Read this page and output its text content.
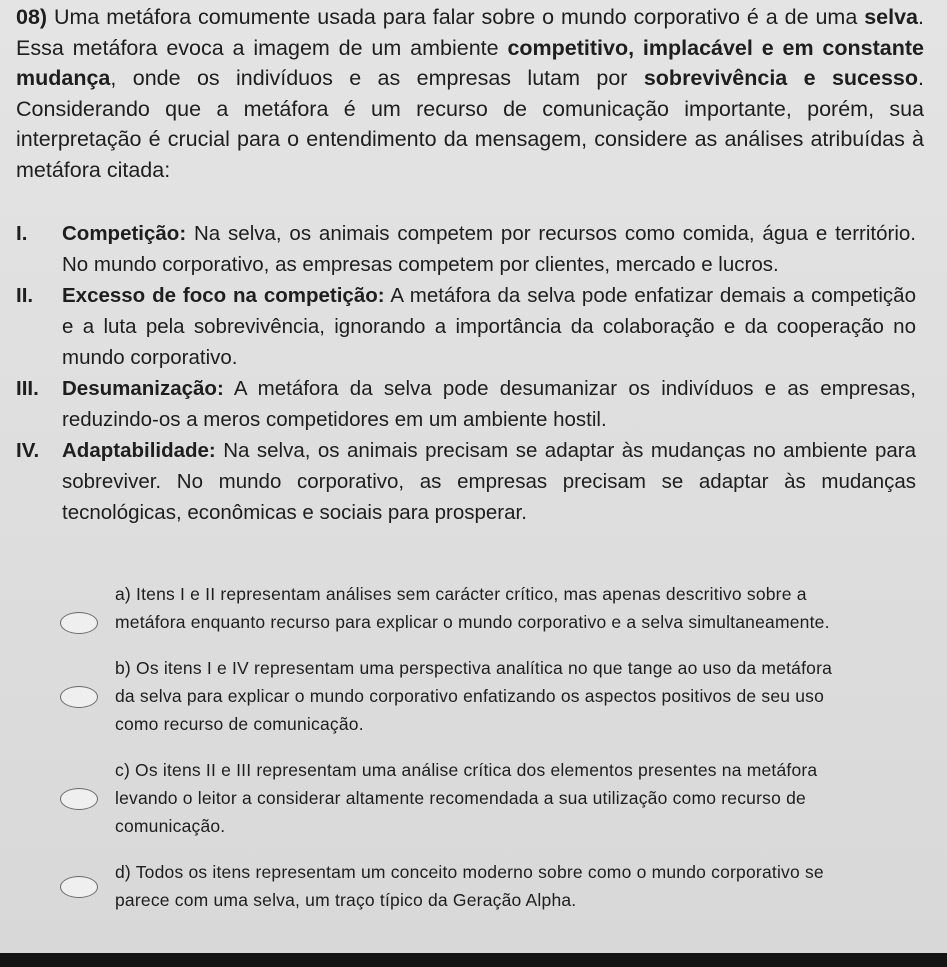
08) Uma metáfora comumente usada para falar sobre o mundo corporativo é a de uma selva. Essa metáfora evoca a imagem de um ambiente competitivo, implacável e em constante mudança, onde os indivíduos e as empresas lutam por sobrevivência e sucesso. Considerando que a metáfora é um recurso de comunicação importante, porém, sua interpretação é crucial para o entendimento da mensagem, considere as análises atribuídas à metáfora citada:
I.	Competição: Na selva, os animais competem por recursos como comida, água e território. No mundo corporativo, as empresas competem por clientes, mercado e lucros.
II.	Excesso de foco na competição: A metáfora da selva pode enfatizar demais a competição e a luta pela sobrevivência, ignorando a importância da colaboração e da cooperação no mundo corporativo.
III.	Desumanização: A metáfora da selva pode desumanizar os indivíduos e as empresas, reduzindo-os a meros competidores em um ambiente hostil.
IV.	Adaptabilidade: Na selva, os animais precisam se adaptar às mudanças no ambiente para sobreviver. No mundo corporativo, as empresas precisam se adaptar às mudanças tecnológicas, econômicas e sociais para prosperar.
a) Itens I e II representam análises sem carácter crítico, mas apenas descritivo sobre a metáfora enquanto recurso para explicar o mundo corporativo e a selva simultaneamente.
b) Os itens I e IV representam uma perspectiva analítica no que tange ao uso da metáfora da selva para explicar o mundo corporativo enfatizando os aspectos positivos de seu uso como recurso de comunicação.
c) Os itens II e III representam uma análise crítica dos elementos presentes na metáfora levando o leitor a considerar altamente recomendada a sua utilização como recurso de comunicação.
d) Todos os itens representam um conceito moderno sobre como o mundo corporativo se parece com uma selva, um traço típico da Geração Alpha.
